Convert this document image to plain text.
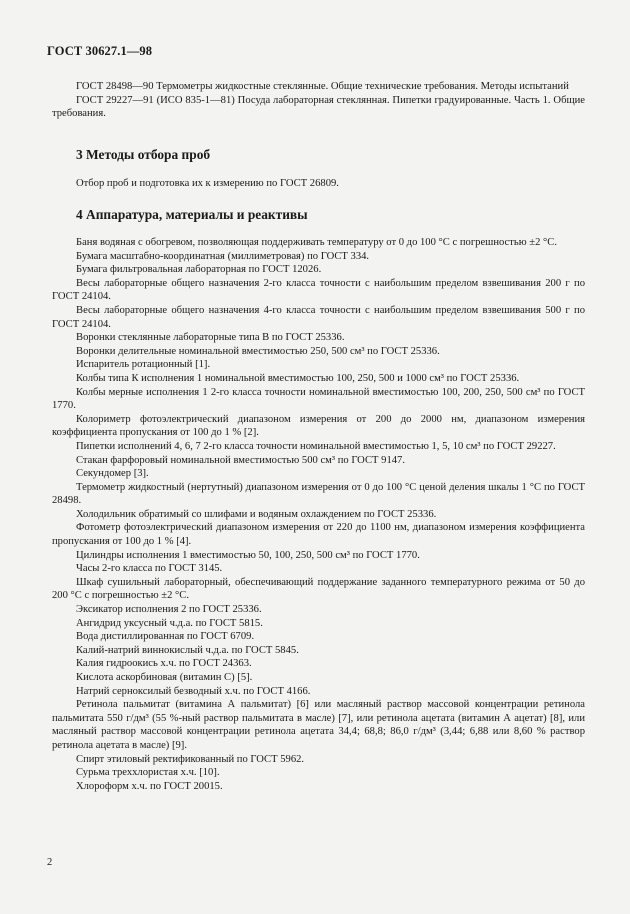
ГОСТ 30627.1—98

ГОСТ 28498—90 Термометры жидкостные стеклянные. Общие технические требования. Методы испытаний

ГОСТ 29227—91 (ИСО 835-1—81) Посуда лабораторная стеклянная. Пипетки градуированные. Часть 1. Общие требования.

3 Методы отбора проб

Отбор проб и подготовка их к измерению по ГОСТ 26809.

4 Аппаратура, материалы и реактивы

Баня водяная с обогревом, позволяющая поддерживать температуру от 0 до 100 °С с погрешностью ±2 °С.

Бумага масштабно-координатная (миллиметровая) по ГОСТ 334.

Бумага фильтровальная лабораторная по ГОСТ 12026.

Весы лабораторные общего назначения 2-го класса точности с наибольшим пределом взвешивания 200 г по ГОСТ 24104.

Весы лабораторные общего назначения 4-го класса точности с наибольшим пределом взвешивания 500 г по ГОСТ 24104.

Воронки стеклянные лабораторные типа В по ГОСТ 25336.

Воронки делительные номинальной вместимостью 250, 500 см³ по ГОСТ 25336.

Испаритель ротационный [1].

Колбы типа К исполнения 1 номинальной вместимостью 100, 250, 500 и 1000 см³ по ГОСТ 25336.

Колбы мерные исполнения 1 2-го класса точности номинальной вместимостью 100, 200, 250, 500 см³ по ГОСТ 1770.

Колориметр фотоэлектрический диапазоном измерения от 200 до 2000 нм, диапазоном измерения коэффициента пропускания от 100 до 1 % [2].

Пипетки исполнений 4, 6, 7 2-го класса точности номинальной вместимостью 1, 5, 10 см³ по ГОСТ 29227.

Стакан фарфоровый номинальной вместимостью 500 см³ по ГОСТ 9147.

Секундомер [3].

Термометр жидкостный (нертутный) диапазоном измерения от 0 до 100 °С ценой деления шкалы 1 °С по ГОСТ 28498.

Холодильник обратимый со шлифами и водяным охлаждением по ГОСТ 25336.

Фотометр фотоэлектрический диапазоном измерения от 220 до 1100 нм, диапазоном измерения коэффициента пропускания от 100 до 1 % [4].

Цилиндры исполнения 1 вместимостью 50, 100, 250, 500 см³ по ГОСТ 1770.

Часы 2-го класса по ГОСТ 3145.

Шкаф сушильный лабораторный, обеспечивающий поддержание заданного температурного режима от 50 до 200 °С с погрешностью ±2 °С.

Эксикатор исполнения 2 по ГОСТ 25336.

Ангидрид уксусный ч.д.а. по ГОСТ 5815.

Вода дистиллированная по ГОСТ 6709.

Калий-натрий виннокислый ч.д.а. по ГОСТ 5845.

Калия гидроокись х.ч. по ГОСТ 24363.

Кислота аскорбиновая (витамин С) [5].

Натрий серноксилый безводный х.ч. по ГОСТ 4166.

Ретинола пальмитат (витамина А пальмитат) [6] или масляный раствор массовой концентрации ретинола пальмитата 550 г/дм³ (55 %-ный раствор пальмитата в масле) [7], или ретинола ацетата (витамин А ацетат) [8], или масляный раствор массовой концентрации ретинола ацетата 34,4; 68,8; 86,0 г/дм³ (3,44; 6,88 или 8,60 % раствор ретинола ацетата в масле) [9].

Спирт этиловый ректификованный по ГОСТ 5962.

Сурьма треххлористая х.ч. [10].

Хлороформ х.ч. по ГОСТ 20015.

2
